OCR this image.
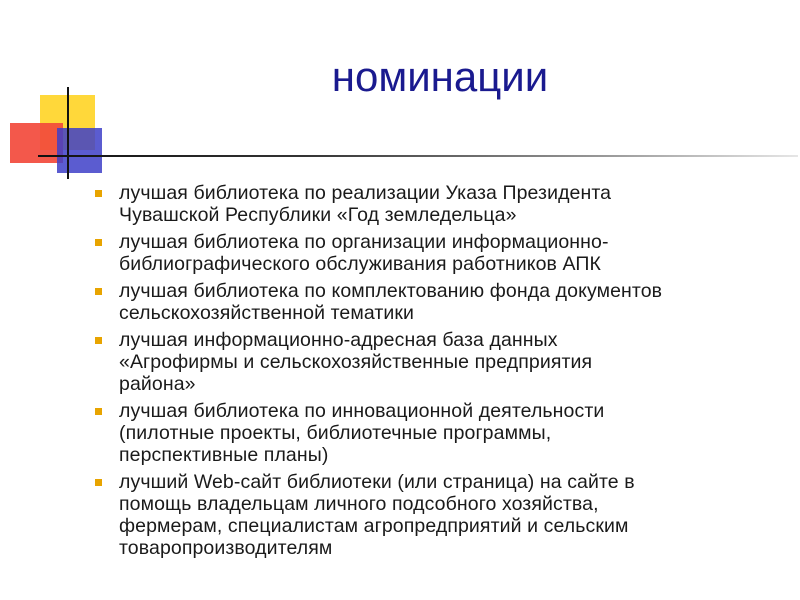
номинации
лучшая библиотека по реализации Указа Президента
Чувашской Республики «Год земледельца»
лучшая библиотека по организации информационно-
библиографического обслуживания работников АПК
лучшая библиотека по комплектованию фонда документов
сельскохозяйственной тематики
лучшая информационно-адресная база данных
«Агрофирмы и сельскохозяйственные предприятия
района»
лучшая библиотека по инновационной деятельности
(пилотные проекты, библиотечные программы,
перспективные планы)
лучший Web-сайт библиотеки (или страница) на сайте в
помощь владельцам личного подсобного хозяйства,
фермерам, специалистам агропредприятий и сельским
товаропроизводителям
